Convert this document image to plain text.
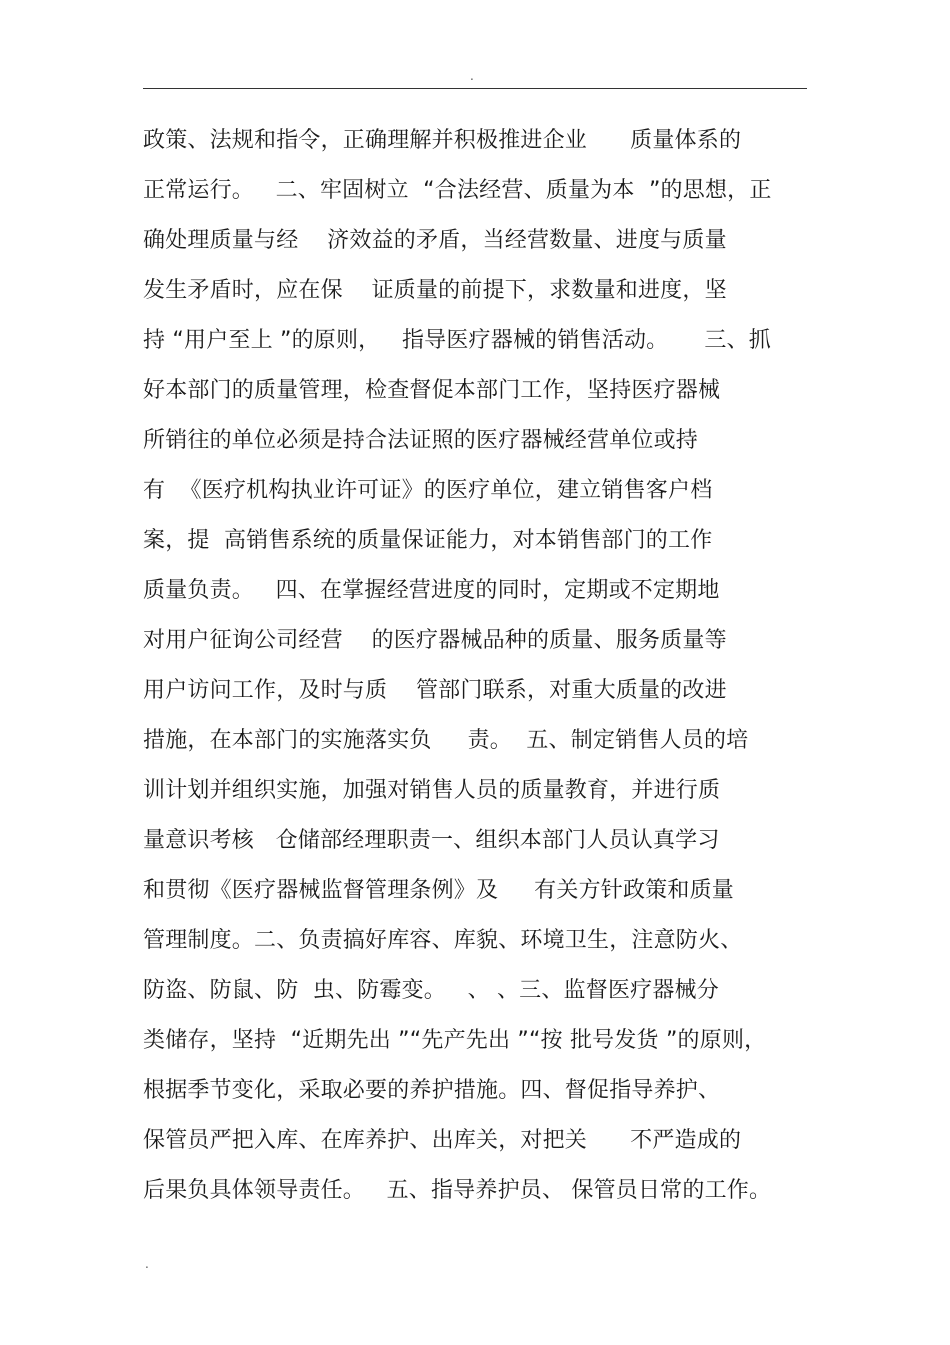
.
政策、法规和指令，正确理解并积极推进企业      质量体系的
正常运行。   二、牢固树立  “合法经营、质量为本  ”的思想，正
确处理质量与经    济效益的矛盾，当经营数量、进度与质量
发生矛盾时，应在保    证质量的前提下，求数量和进度，坚
持 “用户至上 ”的原则，   指导医疗器械的销售活动。     三、抓
好本部门的质量管理，检查督促本部门工作，坚持医疗器械
所销往的单位必须是持合法证照的医疗器械经营单位或持
有  《医疗机构执业许可证》的医疗单位，建立销售客户档
案，提  高销售系统的质量保证能力，对本销售部门的工作
质量负责。   四、在掌握经营进度的同时，定期或不定期地
对用户征询公司经营    的医疗器械品种的质量、服务质量等
用户访问工作，及时与质    管部门联系，对重大质量的改进
措施，在本部门的实施落实负     责。  五、制定销售人员的培
训计划并组织实施，加强对销售人员的质量教育，并进行质
量意识考核   仓储部经理职责一、组织本部门人员认真学习
和贯彻《医疗器械监督管理条例》及     有关方针政策和质量
管理制度。二、负责搞好库容、库貌、环境卫生，注意防火、
防盗、防鼠、防  虫、防霉变。   、 、三、监督医疗器械分
类储存，坚持  “近期先出 ”“先产先出 ”“按 批号发货 ”的原则，
根据季节变化，采取必要的养护措施。四、督促指导养护、
保管员严把入库、在库养护、出库关，对把关      不严造成的
后果负具体领导责任。   五、指导养护员、 保管员日常的工作。
.
